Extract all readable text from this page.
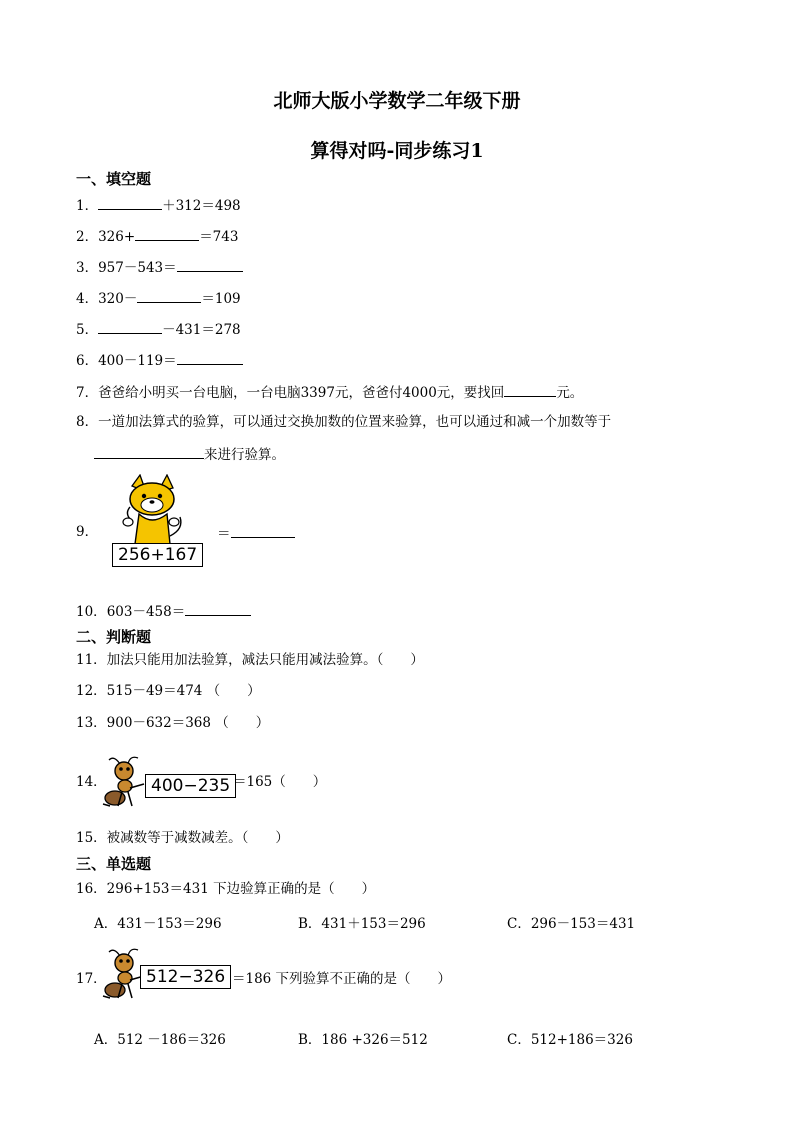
北师大版小学数学二年级下册
算得对吗-同步练习1
一、填空题
1．	＋312＝498
2．326+	＝743
3．957－543＝
4．320－	＝109
5．	－431＝278
6．400－119＝
7．爸爸给小明买一台电脑，一台电脑3397元，爸爸付4000元，要找回	元。
8．一道加法算式的验算，可以通过交换加数的位置来验算，也可以通过和减一个加数等于
来进行验算。
9．
256+167
＝
10．603－458＝
二、判断题
11．加法只能用加法验算，减法只能用减法验算。（　　）
12．515－49＝474 （　　）
13．900－632＝368 （　　）
14．	400−235 ＝165（　　）
15．被减数等于减数减差。（　　）
三、单选题
16．296+153＝431 下边验算正确的是（　　）
A．431－153＝296	B．431＋153＝296	C．296－153＝431
17．	512−326 ＝186 下列验算不正确的是（　　）
A．512 －186＝326	B．186 +326＝512	C．512+186＝326
